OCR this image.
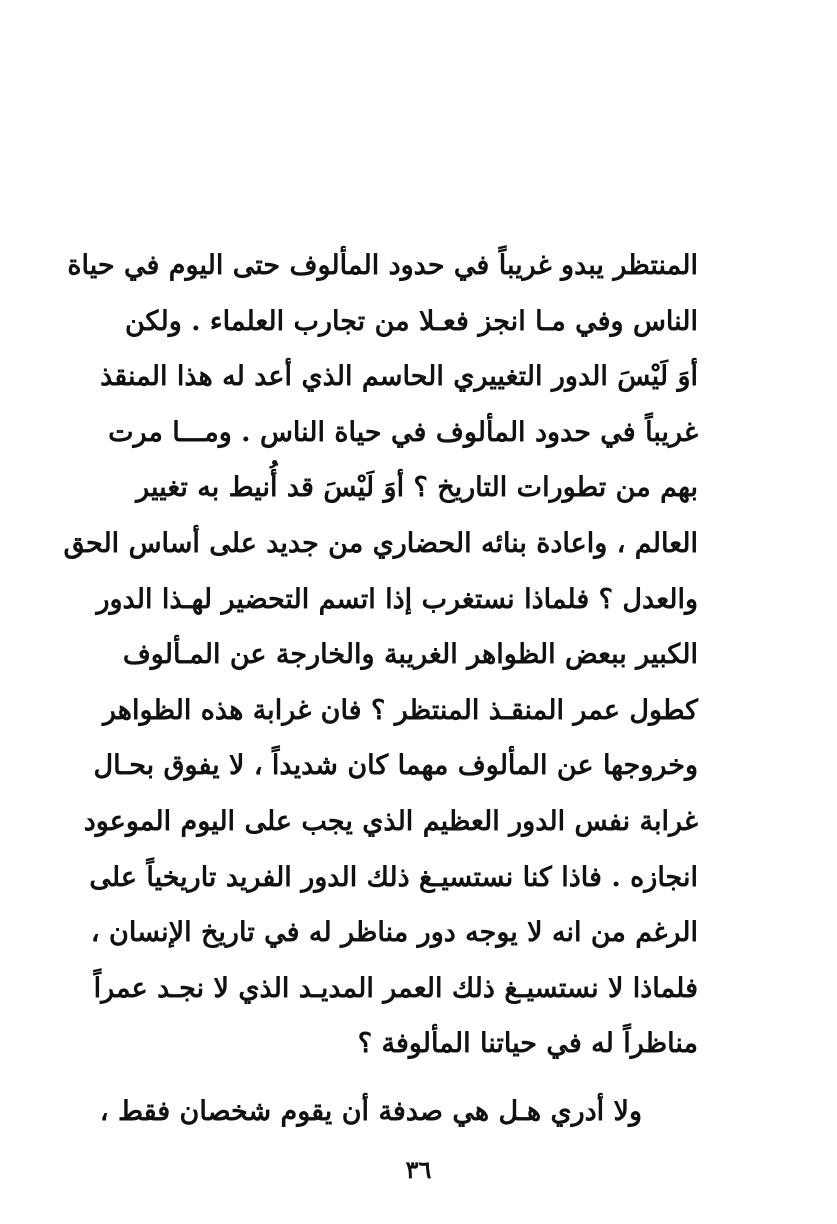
المنتظر يبدو غريباً في حدود المألوف حتى اليوم في حياة
الناس وفي مـا انجز فعـلا من تجارب العلماء . ولكن
أوَ لَيْسَ الدور التغييري الحاسم الذي أعد له هذا المنقذ
غريباً في حدود المألوف في حياة الناس . ومـــا مرت
بهم من تطورات التاريخ ؟ أوَ لَيْسَ قد أُنيط به تغيير
العالم ، واعادة بنائه الحضاري من جديد على أساس الحق
والعدل ؟ فلماذا نستغرب إذا اتسم التحضير لهـذا الدور
الكبير ببعض الظواهر الغريبة والخارجة عن المـألوف
كطول عمر المنقـذ المنتظر ؟ فان غرابة هذه الظواهر
وخروجها عن المألوف مهما كان شديداً ، لا يفوق بحـال
غرابة نفس الدور العظيم الذي يجب على اليوم الموعود
انجازه . فاذا كنا نستسيـغ ذلك الدور الفريد تاريخياً على
الرغم من انه لا يوجه دور مناظر له في تاريخ الإنسان ،
فلماذا لا نستسيـغ ذلك العمر المديـد الذي لا نجـد عمراً
مناظراً له في حياتنا المألوفة ؟
ولا أدري هـل هي صدفة أن يقوم شخصان فقط ،
٣٦
